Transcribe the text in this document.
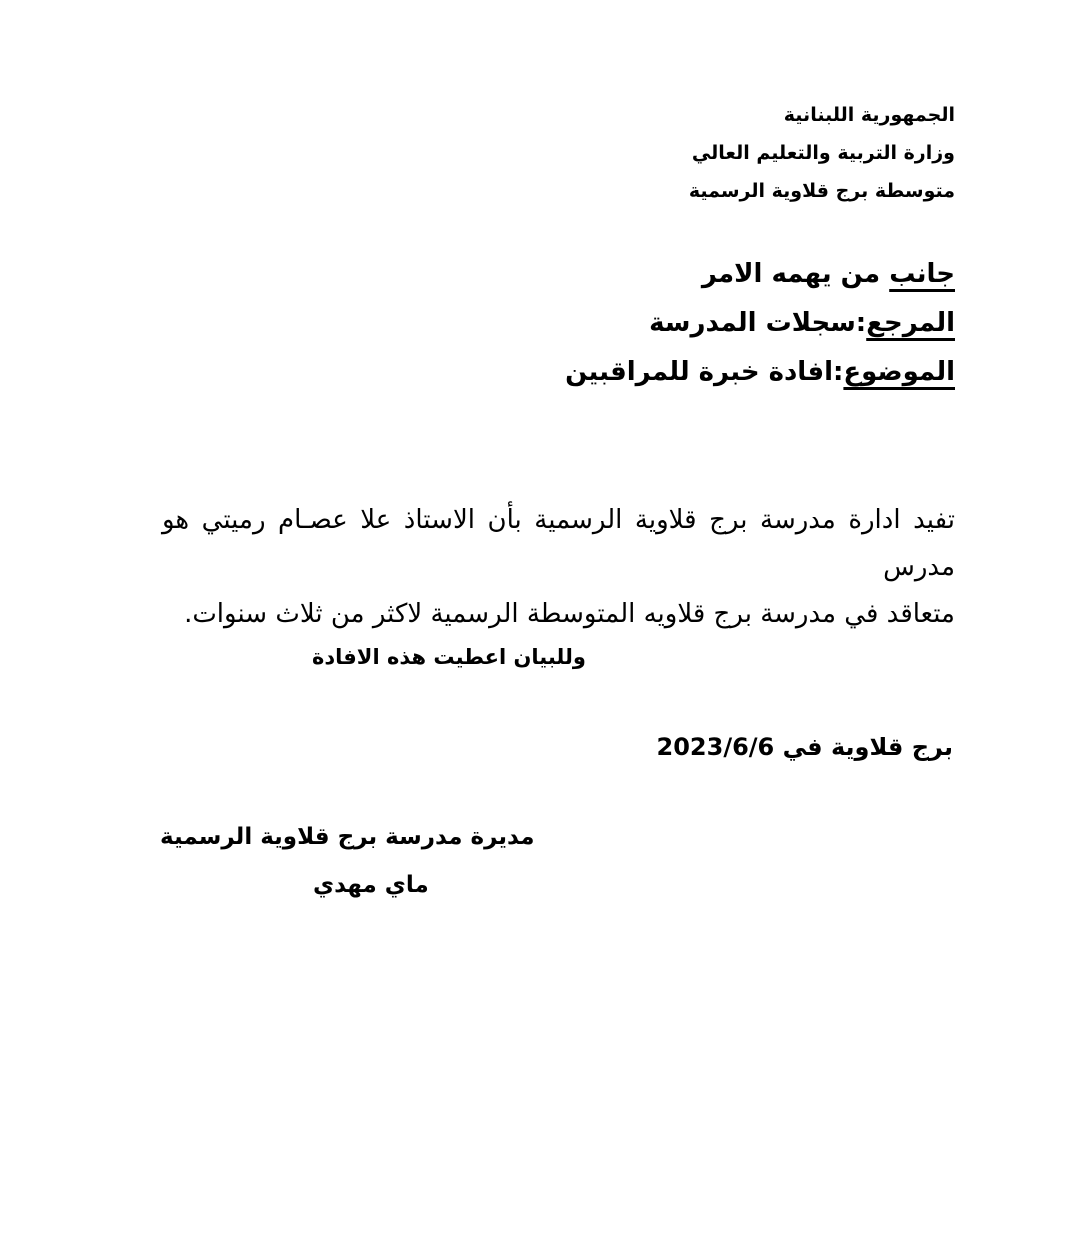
الجمهورية اللبنانية
وزارة التربية والتعليم العالي
متوسطة برج قلاوية الرسمية
جانب من يهمه الامر
المرجع:سجلات المدرسة
الموضوع:افادة خبرة للمراقبين
تفيد ادارة مدرسة برج قلاوية الرسمية بأن الاستاذ علا عصـام رميتي هو مدرس
متعاقد في مدرسة برج قلاويه المتوسطة الرسمية لاكثر من ثلاث سنوات.
وللبيان اعطيت هذه الافادة
برج قلاوية في 2023/6/6
مديرة مدرسة برج قلاوية الرسمية
ماي مهدي
